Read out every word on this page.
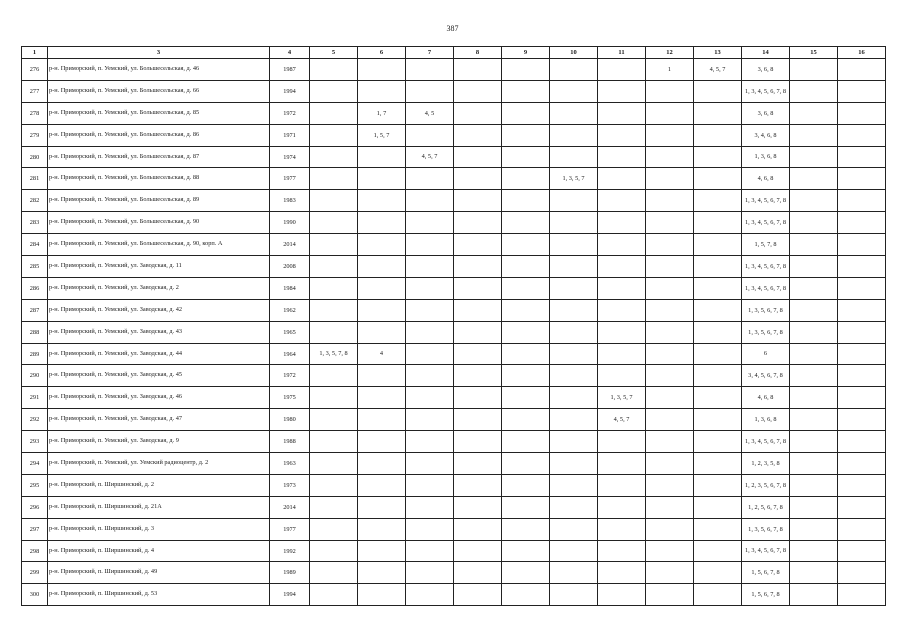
387
1	3	4	5	6	7	8	9	10	11	12	13	14	15	16
276	р-н. Приморский, п. Уемский, ул. Большесельская, д. 46	1987								1	4, 5, 7	3, 6, 8		
277	р-н. Приморский, п. Уемский, ул. Большесельская, д. 66	1994										1, 3, 4, 5, 6, 7, 8		
278	р-н. Приморский, п. Уемский, ул. Большесельская, д. 85	1972		1, 7	4, 5							3, 6, 8		
279	р-н. Приморский, п. Уемский, ул. Большесельская, д. 86	1971		1, 5, 7								3, 4, 6, 8		
280	р-н. Приморский, п. Уемский, ул. Большесельская, д. 87	1974			4, 5, 7							1, 3, 6, 8		
281	р-н. Приморский, п. Уемский, ул. Большесельская, д. 88	1977						1, 3, 5, 7				4, 6, 8		
282	р-н. Приморский, п. Уемский, ул. Большесельская, д. 89	1983										1, 3, 4, 5, 6, 7, 8		
283	р-н. Приморский, п. Уемский, ул. Большесельская, д. 90	1990										1, 3, 4, 5, 6, 7, 8		
284	р-н. Приморский, п. Уемский, ул. Большесельская, д. 90, корп. А	2014										1, 5, 7, 8		
285	р-н. Приморский, п. Уемский, ул. Заводская, д. 11	2008										1, 3, 4, 5, 6, 7, 8		
286	р-н. Приморский, п. Уемский, ул. Заводская, д. 2	1984										1, 3, 4, 5, 6, 7, 8		
287	р-н. Приморский, п. Уемский, ул. Заводская, д. 42	1962										1, 3, 5, 6, 7, 8		
288	р-н. Приморский, п. Уемский, ул. Заводская, д. 43	1965										1, 3, 5, 6, 7, 8		
289	р-н. Приморский, п. Уемский, ул. Заводская, д. 44	1964	1, 3, 5, 7, 8	4								6		
290	р-н. Приморский, п. Уемский, ул. Заводская, д. 45	1972										3, 4, 5, 6, 7, 8		
291	р-н. Приморский, п. Уемский, ул. Заводская, д. 46	1975							1, 3, 5, 7			4, 6, 8		
292	р-н. Приморский, п. Уемский, ул. Заводская, д. 47	1980							4, 5, 7			1, 3, 6, 8		
293	р-н. Приморский, п. Уемский, ул. Заводская, д. 9	1988										1, 3, 4, 5, 6, 7, 8		
294	р-н. Приморский, п. Уемский, ул. Уемский радиоцентр, д. 2	1963										1, 2, 3, 5, 8		
295	р-н. Приморский, п. Ширшинский, д. 2	1973										1, 2, 3, 5, 6, 7, 8		
296	р-н. Приморский, п. Ширшинский, д. 21А	2014										1, 2, 5, 6, 7, 8		
297	р-н. Приморский, п. Ширшинский, д. 3	1977										1, 3, 5, 6, 7, 8		
298	р-н. Приморский, п. Ширшинский, д. 4	1992										1, 3, 4, 5, 6, 7, 8		
299	р-н. Приморский, п. Ширшинский, д. 49	1989										1, 5, 6, 7, 8		
300	р-н. Приморский, п. Ширшинский, д. 53	1994										1, 5, 6, 7, 8		
